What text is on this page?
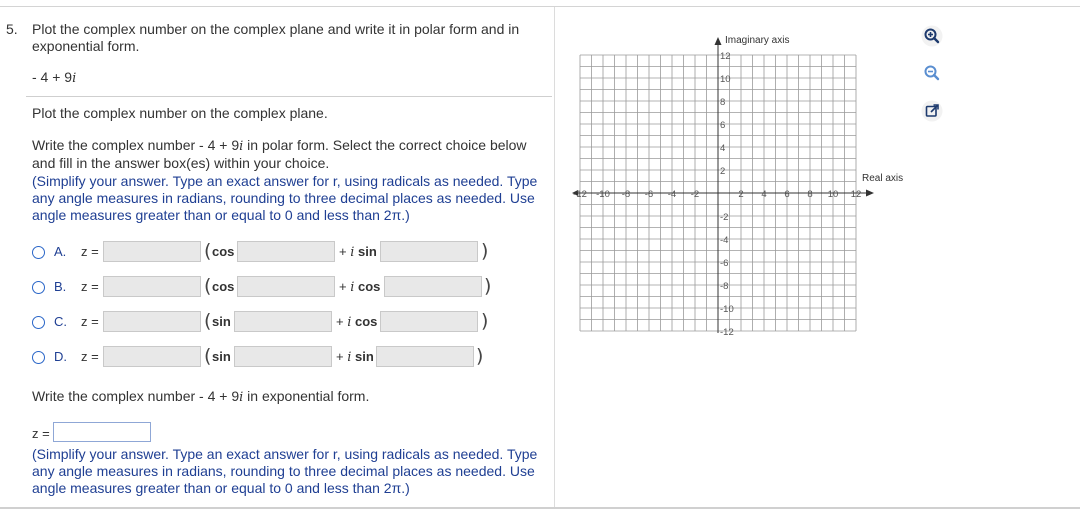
5. Plot the complex number on the complex plane and write it in polar form and in exponential form.
- 4 + 9i
Plot the complex number on the complex plane.
Write the complex number - 4 + 9i in polar form. Select the correct choice below and fill in the answer box(es) within your choice.
(Simplify your answer. Type an exact answer for r, using radicals as needed. Type any angle measures in radians, rounding to three decimal places as needed. Use angle measures greater than or equal to 0 and less than 2π.)
A. z =	( cos	+ i sin	)
B. z =	( cos	+ i cos	)
C. z =	( sin	+ i cos	)
D. z =	( sin	+ i sin	)
Write the complex number - 4 + 9i in exponential form.
z =
(Simplify your answer. Type an exact answer for r, using radicals as needed. Type any angle measures in radians, rounding to three decimal places as needed. Use angle measures greater than or equal to 0 and less than 2π.)
Imaginary axis
Real axis
-12 -10 -8 -6 -4 -2	2 4 6 8 10 12
12
10
8
6
4
2
-2
-4
-6
-8
-10
-12
